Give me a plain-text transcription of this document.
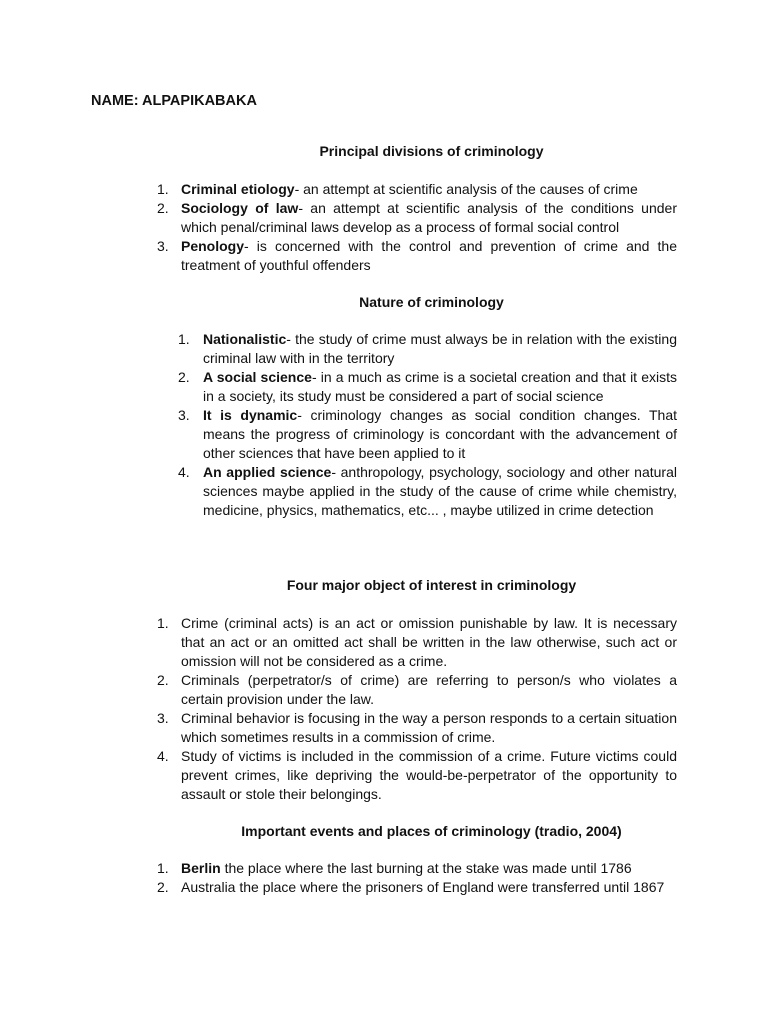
NAME: ALPAPIKABAKA
Principal divisions of criminology
1. Criminal etiology- an attempt at scientific analysis of the causes of crime
2. Sociology of law- an attempt at scientific analysis of the conditions under which penal/criminal laws develop as a process of formal social control
3. Penology- is concerned with the control and prevention of crime and the treatment of youthful offenders
Nature of criminology
1. Nationalistic- the study of crime must always be in relation with the existing criminal law with in the territory
2. A social science- in a much as crime is a societal creation and that it exists in a society, its study must be considered a part of social science
3. It is dynamic- criminology changes as social condition changes. That means the progress of criminology is concordant with the advancement of other sciences that have been applied to it
4. An applied science- anthropology, psychology, sociology and other natural sciences maybe applied in the study of the cause of crime while chemistry, medicine, physics, mathematics, etc... , maybe utilized in crime detection
Four major object of interest in criminology
1. Crime (criminal acts) is an act or omission punishable by law. It is necessary that an act or an omitted act shall be written in the law otherwise, such act or omission will not be considered as a crime.
2. Criminals (perpetrator/s of crime) are referring to person/s who violates a certain provision under the law.
3. Criminal behavior is focusing in the way a person responds to a certain situation which sometimes results in a commission of crime.
4. Study of victims is included in the commission of a crime. Future victims could prevent crimes, like depriving the would-be-perpetrator of the opportunity to assault or stole their belongings.
Important events and places of criminology (tradio, 2004)
1. Berlin the place where the last burning at the stake was made until 1786
2. Australia the place where the prisoners of England were transferred until 1867
